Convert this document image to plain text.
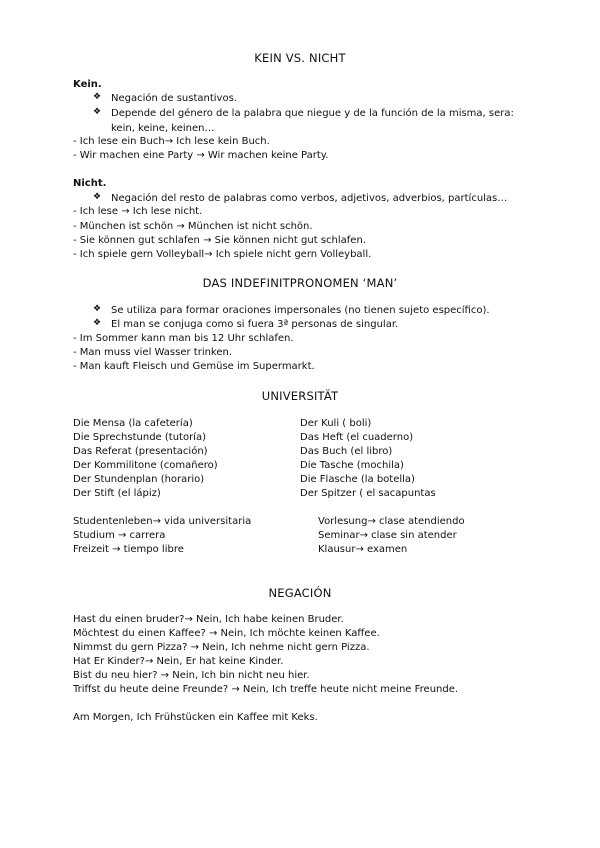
KEIN VS. NICHT
Kein.
❖ Negación de sustantivos.
❖ Depende del género de la palabra que niegue y de la función de la misma, sera: kein, keine, keinen…
- Ich lese ein Buch→ Ich lese kein Buch.
- Wir machen eine Party → Wir machen keine Party.
Nicht.
❖ Negación del resto de palabras como verbos, adjetivos, adverbios, partículas…
- Ich lese → Ich lese nicht.
- München ist schön → München ist nicht schön.
- Sie können gut schlafen → Sie können nicht gut schlafen.
- Ich spiele gern Volleyball→ Ich spiele nicht gern Volleyball.
DAS INDEFINITPRONOMEN ‘MAN’
❖ Se utiliza para formar oraciones impersonales (no tienen sujeto específico).
❖ El man se conjuga como si fuera 3ª personas de singular.
- Im Sommer kann man bis 12 Uhr schlafen.
- Man muss viel Wasser trinken.
- Man kauft Fleisch und Gemüse im Supermarkt.
UNIVERSITÄT
Die Mensa (la cafetería)
Die Sprechstunde (tutoría)
Das Referat (presentación)
Der Kommilitone (comañero)
Der Stundenplan (horario)
Der Stift (el lápiz)
Der Kuli ( boli)
Das Heft (el cuaderno)
Das Buch (el libro)
Die Tasche (mochila)
Die Flasche (la botella)
Der Spitzer ( el sacapuntas
Studentenleben→ vida universitaria
Studium → carrera
Freizeit → tiempo libre
Vorlesung→ clase atendiendo
Seminar→ clase sin atender
Klausur→ examen
NEGACIÓN
Hast du einen bruder?→ Nein, Ich habe keinen Bruder.
Möchtest du einen Kaffee? → Nein, Ich möchte keinen Kaffee.
Nimmst du gern Pizza? → Nein, Ich nehme nicht gern Pizza.
Hat Er Kinder?→ Nein, Er hat keine Kinder.
Bist du neu hier? → Nein, Ich bin nicht neu hier.
Triffst du heute deine Freunde? → Nein, Ich treffe heute nicht meine Freunde.
Am Morgen, Ich Frühstücken ein Kaffee mit Keks.
